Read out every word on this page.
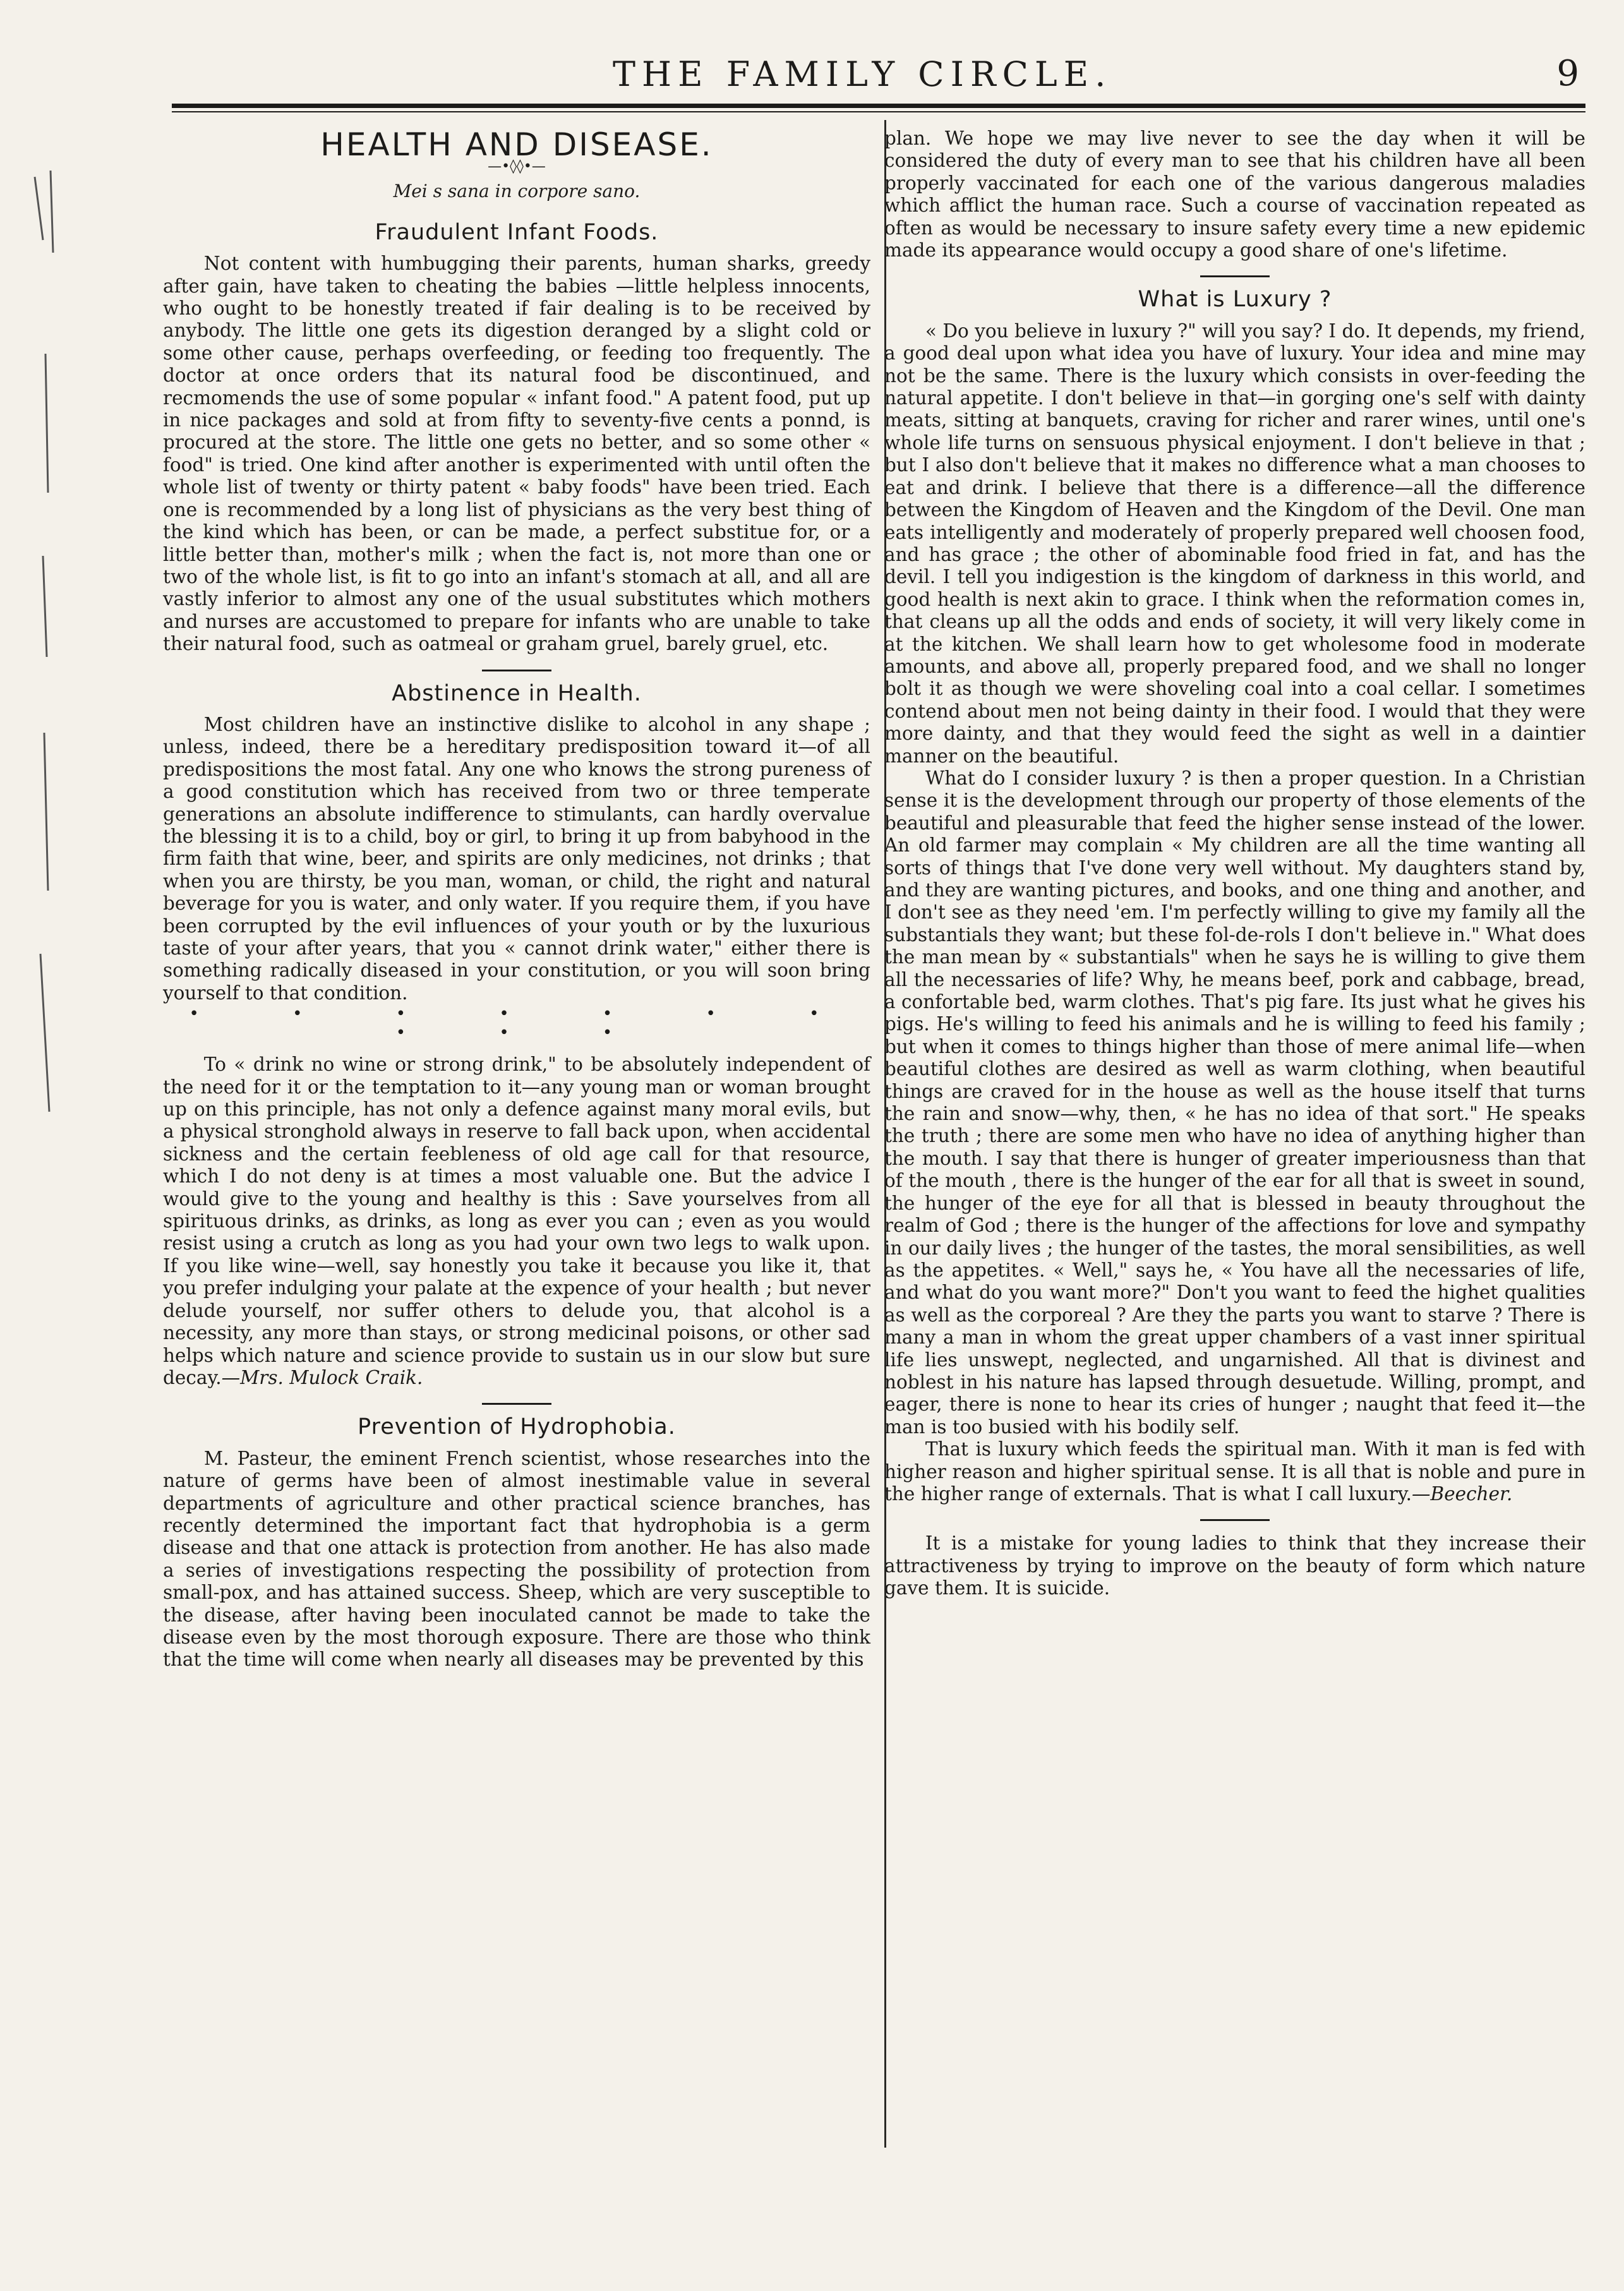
THE FAMILY CIRCLE.	9
HEALTH AND DISEASE.
—•◊◊•—
Mei s sana in corpore sano.
Fraudulent Infant Foods.

Not content with humbugging their parents, human sharks, greedy after gain, have taken to cheating the babies —little helpless innocents, who ought to be honestly treated if fair dealing is to be received by anybody. The little one gets its digestion deranged by a slight cold or some other cause, perhaps overfeeding, or feeding too frequently. The doctor at once orders that its natural food be discontinued, and recmomends the use of some popular « infant food." A patent food, put up in nice packages and sold at from fifty to seventy-five cents a ponnd, is procured at the store. The little one gets no better, and so some other « food" is tried. One kind after another is experimented with until often the whole list of twenty or thirty patent « baby foods" have been tried. Each one is recommended by a long list of physicians as the very best thing of the kind which has been, or can be made, a perfect substitue for, or a little better than, mother's milk ; when the fact is, not more than one or two of the whole list, is fit to go into an infant's stomach at all, and all are vastly inferior to almost any one of the usual substitutes which mothers and nurses are accustomed to prepare for infants who are unable to take their natural food, such as oatmeal or graham gruel, barely gruel, etc.

Abstinence in Health.

Most children have an instinctive dislike to alcohol in any shape ; unless, indeed, there be a hereditary predisposition toward it—of all predispositions the most fatal. Any one who knows the strong pureness of a good constitution which has received from two or three temperate generations an absolute indifference to stimulants, can hardly overvalue the blessing it is to a child, boy or girl, to bring it up from babyhood in the firm faith that wine, beer, and spirits are only medicines, not drinks ; that when you are thirsty, be you man, woman, or child, the right and natural beverage for you is water, and only water. If you require them, if you have been corrupted by the evil influences of your youth or by the luxurious taste of your after years, that you « cannot drink water," either there is something radically diseased in your constitution, or you will soon bring yourself to that condition.

• • • • • • • • • •

To « drink no wine or strong drink," to be absolutely independent of the need for it or the temptation to it—any young man or woman brought up on this principle, has not only a defence against many moral evils, but a physical stronghold always in reserve to fall back upon, when accidental sickness and the certain feebleness of old age call for that resource, which I do not deny is at times a most valuable one. But the advice I would give to the young and healthy is this : Save yourselves from all spirituous drinks, as drinks, as long as ever you can ; even as you would resist using a crutch as long as you had your own two legs to walk upon. If you like wine—well, say honestly you take it because you like it, that you prefer indulging your palate at the expence of your health ; but never delude yourself, nor suffer others to delude you, that alcohol is a necessity, any more than stays, or strong medicinal poisons, or other sad helps which nature and science provide to sustain us in our slow but sure decay.—Mrs. Mulock Craik.

Prevention of Hydrophobia.

M. Pasteur, the eminent French scientist, whose researches into the nature of germs have been of almost inestimable value in several departments of agriculture and other practical science branches, has recently determined the important fact that hydrophobia is a germ disease and that one attack is protection from another. He has also made a series of investigations respecting the possibility of protection from small-pox, and has attained success. Sheep, which are very susceptible to the disease, after having been inoculated cannot be made to take the disease even by the most thorough exposure. There are those who think that the time will come when nearly all diseases may be prevented by this

plan. We hope we may live never to see the day when it will be considered the duty of every man to see that his children have all been properly vaccinated for each one of the various dangerous maladies which afflict the human race. Such a course of vaccination repeated as often as would be necessary to insure safety every time a new epidemic made its appearance would occupy a good share of one's lifetime.

What is Luxury ?

« Do you believe in luxury ?" will you say? I do. It depends, my friend, a good deal upon what idea you have of luxury. Your idea and mine may not be the same. There is the luxury which consists in over-feeding the natural appetite. I don't believe in that—in gorging one's self with dainty meats, sitting at banquets, craving for richer and rarer wines, until one's whole life turns on sensuous physical enjoyment. I don't believe in that ; but I also don't believe that it makes no difference what a man chooses to eat and drink. I believe that there is a difference—all the difference between the Kingdom of Heaven and the Kingdom of the Devil. One man eats intelligently and moderately of properly prepared well choosen food, and has grace ; the other of abominable food fried in fat, and has the devil. I tell you indigestion is the kingdom of darkness in this world, and good health is next akin to grace. I think when the reformation comes in, that cleans up all the odds and ends of society, it will very likely come in at the kitchen. We shall learn how to get wholesome food in moderate amounts, and above all, properly prepared food, and we shall no longer bolt it as though we were shoveling coal into a coal cellar. I sometimes contend about men not being dainty in their food. I would that they were more dainty, and that they would feed the sight as well in a daintier manner on the beautiful.

What do I consider luxury ? is then a proper question. In a Christian sense it is the development through our property of those elements of the beautiful and pleasurable that feed the higher sense instead of the lower. An old farmer may complain « My children are all the time wanting all sorts of things that I've done very well without. My daughters stand by, and they are wanting pictures, and books, and one thing and another, and I don't see as they need 'em. I'm perfectly willing to give my family all the substantials they want; but these fol-de-rols I don't believe in." What does the man mean by « substantials" when he says he is willing to give them all the necessaries of life? Why, he means beef, pork and cabbage, bread, a confortable bed, warm clothes. That's pig fare. Its just what he gives his pigs. He's willing to feed his animals and he is willing to feed his family ; but when it comes to things higher than those of mere animal life—when beautiful clothes are desired as well as warm clothing, when beautiful things are craved for in the house as well as the house itself that turns the rain and snow—why, then, « he has no idea of that sort." He speaks the truth ; there are some men who have no idea of anything higher than the mouth. I say that there is hunger of greater imperiousness than that of the mouth , there is the hunger of the ear for all that is sweet in sound, the hunger of the eye for all that is blessed in beauty throughout the realm of God ; there is the hunger of the affections for love and sympathy in our daily lives ; the hunger of the tastes, the moral sensibilities, as well as the appetites. « Well," says he, « You have all the necessaries of life, and what do you want more?" Don't you want to feed the highet qualities as well as the corporeal ? Are they the parts you want to starve ? There is many a man in whom the great upper chambers of a vast inner spiritual life lies unswept, neglected, and ungarnished. All that is divinest and noblest in his nature has lapsed through desuetude. Willing, prompt, and eager, there is none to hear its cries of hunger ; naught that feed it—the man is too busied with his bodily self.

That is luxury which feeds the spiritual man. With it man is fed with higher reason and higher spiritual sense. It is all that is noble and pure in the higher range of externals. That is what I call luxury.—Beecher.

It is a mistake for young ladies to think that they increase their attractiveness by trying to improve on the beauty of form which nature gave them. It is suicide.
